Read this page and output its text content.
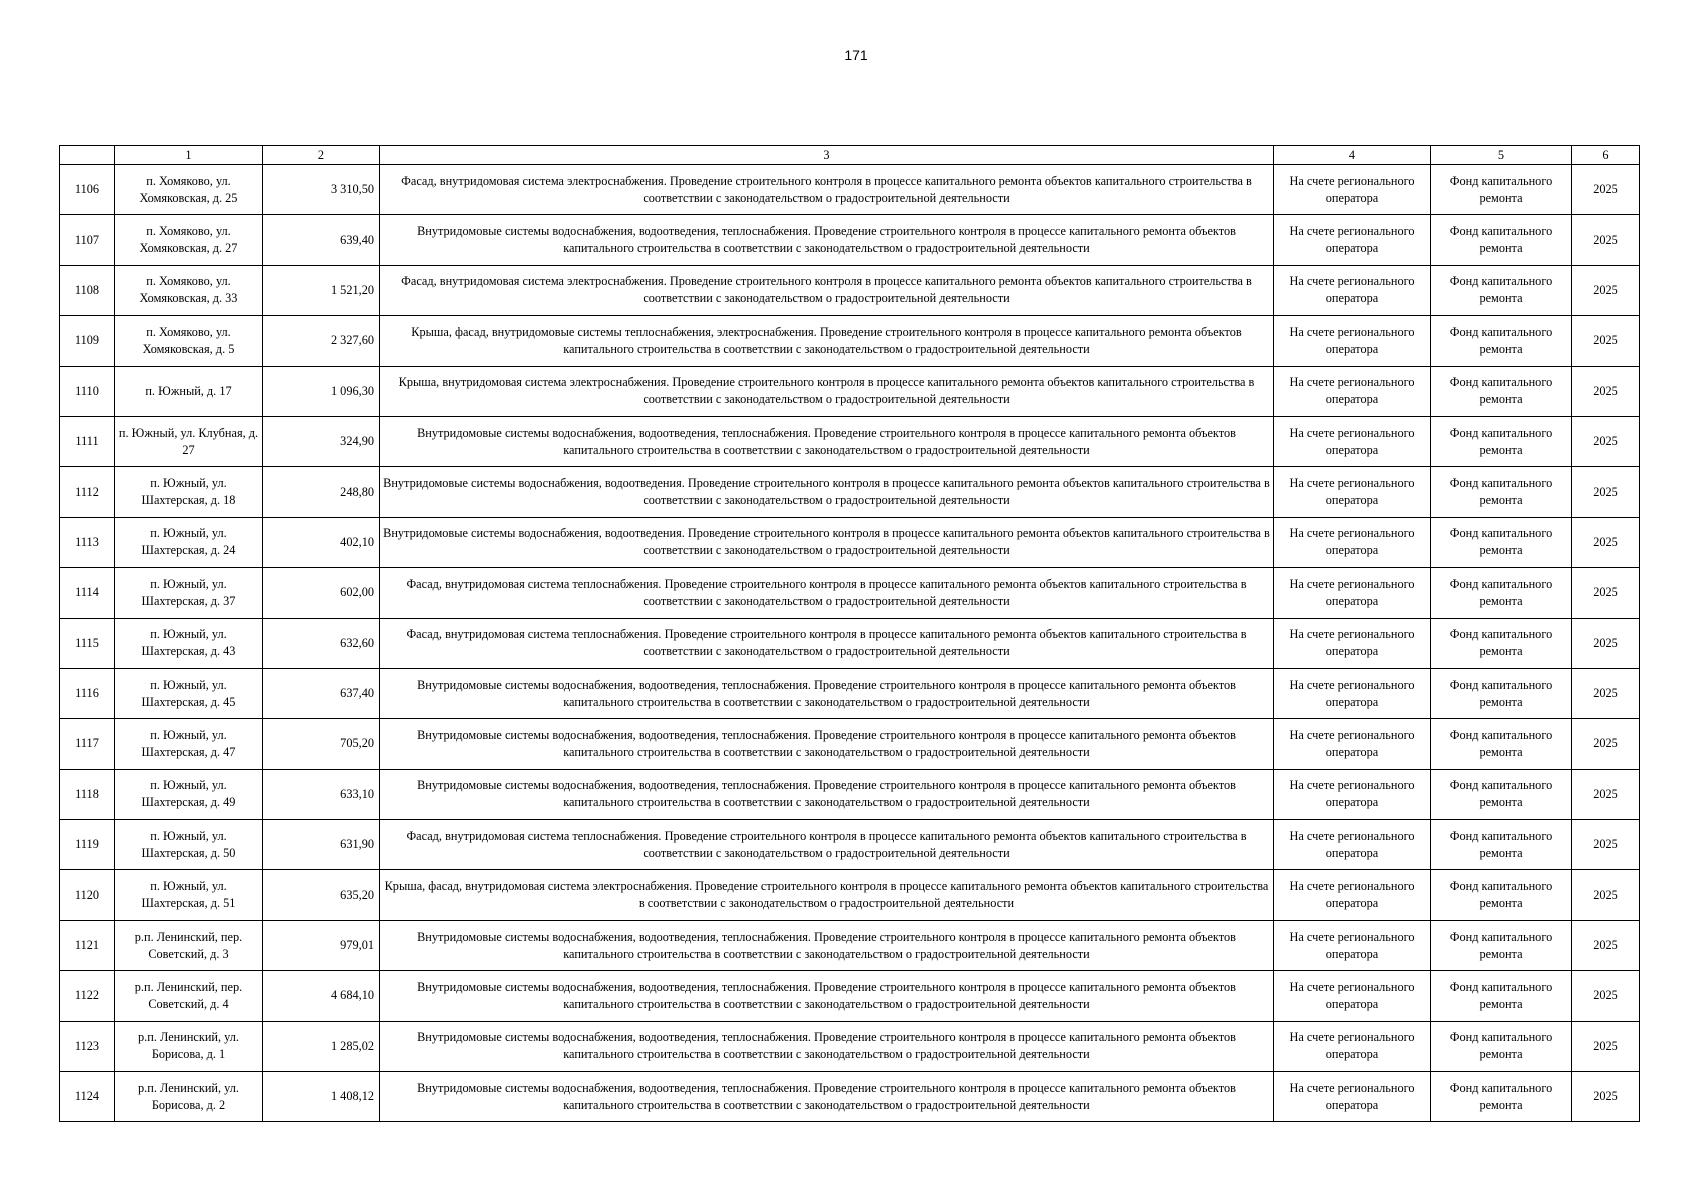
171
	1	2	3	4	5	6
1106	п. Хомяково, ул. Хомяковская, д. 25	3 310,50	Фасад, внутридомовая система электроснабжения. Проведение строительного контроля в процессе капитального ремонта объектов капитального строительства в соответствии с законодательством о градостроительной деятельности	На счете регионального оператора	Фонд капитального ремонта	2025
1107	п. Хомяково, ул. Хомяковская, д. 27	639,40	Внутридомовые системы водоснабжения, водоотведения, теплоснабжения. Проведение строительного контроля в процессе капитального ремонта объектов капитального строительства в соответствии с законодательством о градостроительной деятельности	На счете регионального оператора	Фонд капитального ремонта	2025
1108	п. Хомяково, ул. Хомяковская, д. 33	1 521,20	Фасад, внутридомовая система электроснабжения. Проведение строительного контроля в процессе капитального ремонта объектов капитального строительства в соответствии с законодательством о градостроительной деятельности	На счете регионального оператора	Фонд капитального ремонта	2025
1109	п. Хомяково, ул. Хомяковская, д. 5	2 327,60	Крыша, фасад, внутридомовые системы теплоснабжения, электроснабжения. Проведение строительного контроля в процессе капитального ремонта объектов капитального строительства в соответствии с законодательством о градостроительной деятельности	На счете регионального оператора	Фонд капитального ремонта	2025
1110	п. Южный, д. 17	1 096,30	Крыша, внутридомовая система электроснабжения. Проведение строительного контроля в процессе капитального ремонта объектов капитального строительства в соответствии с законодательством о градостроительной деятельности	На счете регионального оператора	Фонд капитального ремонта	2025
1111	п. Южный, ул. Клубная, д. 27	324,90	Внутридомовые системы водоснабжения, водоотведения, теплоснабжения. Проведение строительного контроля в процессе капитального ремонта объектов капитального строительства в соответствии с законодательством о градостроительной деятельности	На счете регионального оператора	Фонд капитального ремонта	2025
1112	п. Южный, ул. Шахтерская, д. 18	248,80	Внутридомовые системы водоснабжения, водоотведения. Проведение строительного контроля в процессе капитального ремонта объектов капитального строительства в соответствии с законодательством о градостроительной деятельности	На счете регионального оператора	Фонд капитального ремонта	2025
1113	п. Южный, ул. Шахтерская, д. 24	402,10	Внутридомовые системы водоснабжения, водоотведения. Проведение строительного контроля в процессе капитального ремонта объектов капитального строительства в соответствии с законодательством о градостроительной деятельности	На счете регионального оператора	Фонд капитального ремонта	2025
1114	п. Южный, ул. Шахтерская, д. 37	602,00	Фасад, внутридомовая система теплоснабжения. Проведение строительного контроля в процессе капитального ремонта объектов капитального строительства в соответствии с законодательством о градостроительной деятельности	На счете регионального оператора	Фонд капитального ремонта	2025
1115	п. Южный, ул. Шахтерская, д. 43	632,60	Фасад, внутридомовая система теплоснабжения. Проведение строительного контроля в процессе капитального ремонта объектов капитального строительства в соответствии с законодательством о градостроительной деятельности	На счете регионального оператора	Фонд капитального ремонта	2025
1116	п. Южный, ул. Шахтерская, д. 45	637,40	Внутридомовые системы водоснабжения, водоотведения, теплоснабжения. Проведение строительного контроля в процессе капитального ремонта объектов капитального строительства в соответствии с законодательством о градостроительной деятельности	На счете регионального оператора	Фонд капитального ремонта	2025
1117	п. Южный, ул. Шахтерская, д. 47	705,20	Внутридомовые системы водоснабжения, водоотведения, теплоснабжения. Проведение строительного контроля в процессе капитального ремонта объектов капитального строительства в соответствии с законодательством о градостроительной деятельности	На счете регионального оператора	Фонд капитального ремонта	2025
1118	п. Южный, ул. Шахтерская, д. 49	633,10	Внутридомовые системы водоснабжения, водоотведения, теплоснабжения. Проведение строительного контроля в процессе капитального ремонта объектов капитального строительства в соответствии с законодательством о градостроительной деятельности	На счете регионального оператора	Фонд капитального ремонта	2025
1119	п. Южный, ул. Шахтерская, д. 50	631,90	Фасад, внутридомовая система теплоснабжения. Проведение строительного контроля в процессе капитального ремонта объектов капитального строительства в соответствии с законодательством о градостроительной деятельности	На счете регионального оператора	Фонд капитального ремонта	2025
1120	п. Южный, ул. Шахтерская, д. 51	635,20	Крыша, фасад, внутридомовая система электроснабжения. Проведение строительного контроля в процессе капитального ремонта объектов капитального строительства в соответствии с законодательством о градостроительной деятельности	На счете регионального оператора	Фонд капитального ремонта	2025
1121	р.п. Ленинский, пер. Советский, д. 3	979,01	Внутридомовые системы водоснабжения, водоотведения, теплоснабжения. Проведение строительного контроля в процессе капитального ремонта объектов капитального строительства в соответствии с законодательством о градостроительной деятельности	На счете регионального оператора	Фонд капитального ремонта	2025
1122	р.п. Ленинский, пер. Советский, д. 4	4 684,10	Внутридомовые системы водоснабжения, водоотведения, теплоснабжения. Проведение строительного контроля в процессе капитального ремонта объектов капитального строительства в соответствии с законодательством о градостроительной деятельности	На счете регионального оператора	Фонд капитального ремонта	2025
1123	р.п. Ленинский, ул. Борисова, д. 1	1 285,02	Внутридомовые системы водоснабжения, водоотведения, теплоснабжения. Проведение строительного контроля в процессе капитального ремонта объектов капитального строительства в соответствии с законодательством о градостроительной деятельности	На счете регионального оператора	Фонд капитального ремонта	2025
1124	р.п. Ленинский, ул. Борисова, д. 2	1 408,12	Внутридомовые системы водоснабжения, водоотведения, теплоснабжения. Проведение строительного контроля в процессе капитального ремонта объектов капитального строительства в соответствии с законодательством о градостроительной деятельности	На счете регионального оператора	Фонд капитального ремонта	2025
